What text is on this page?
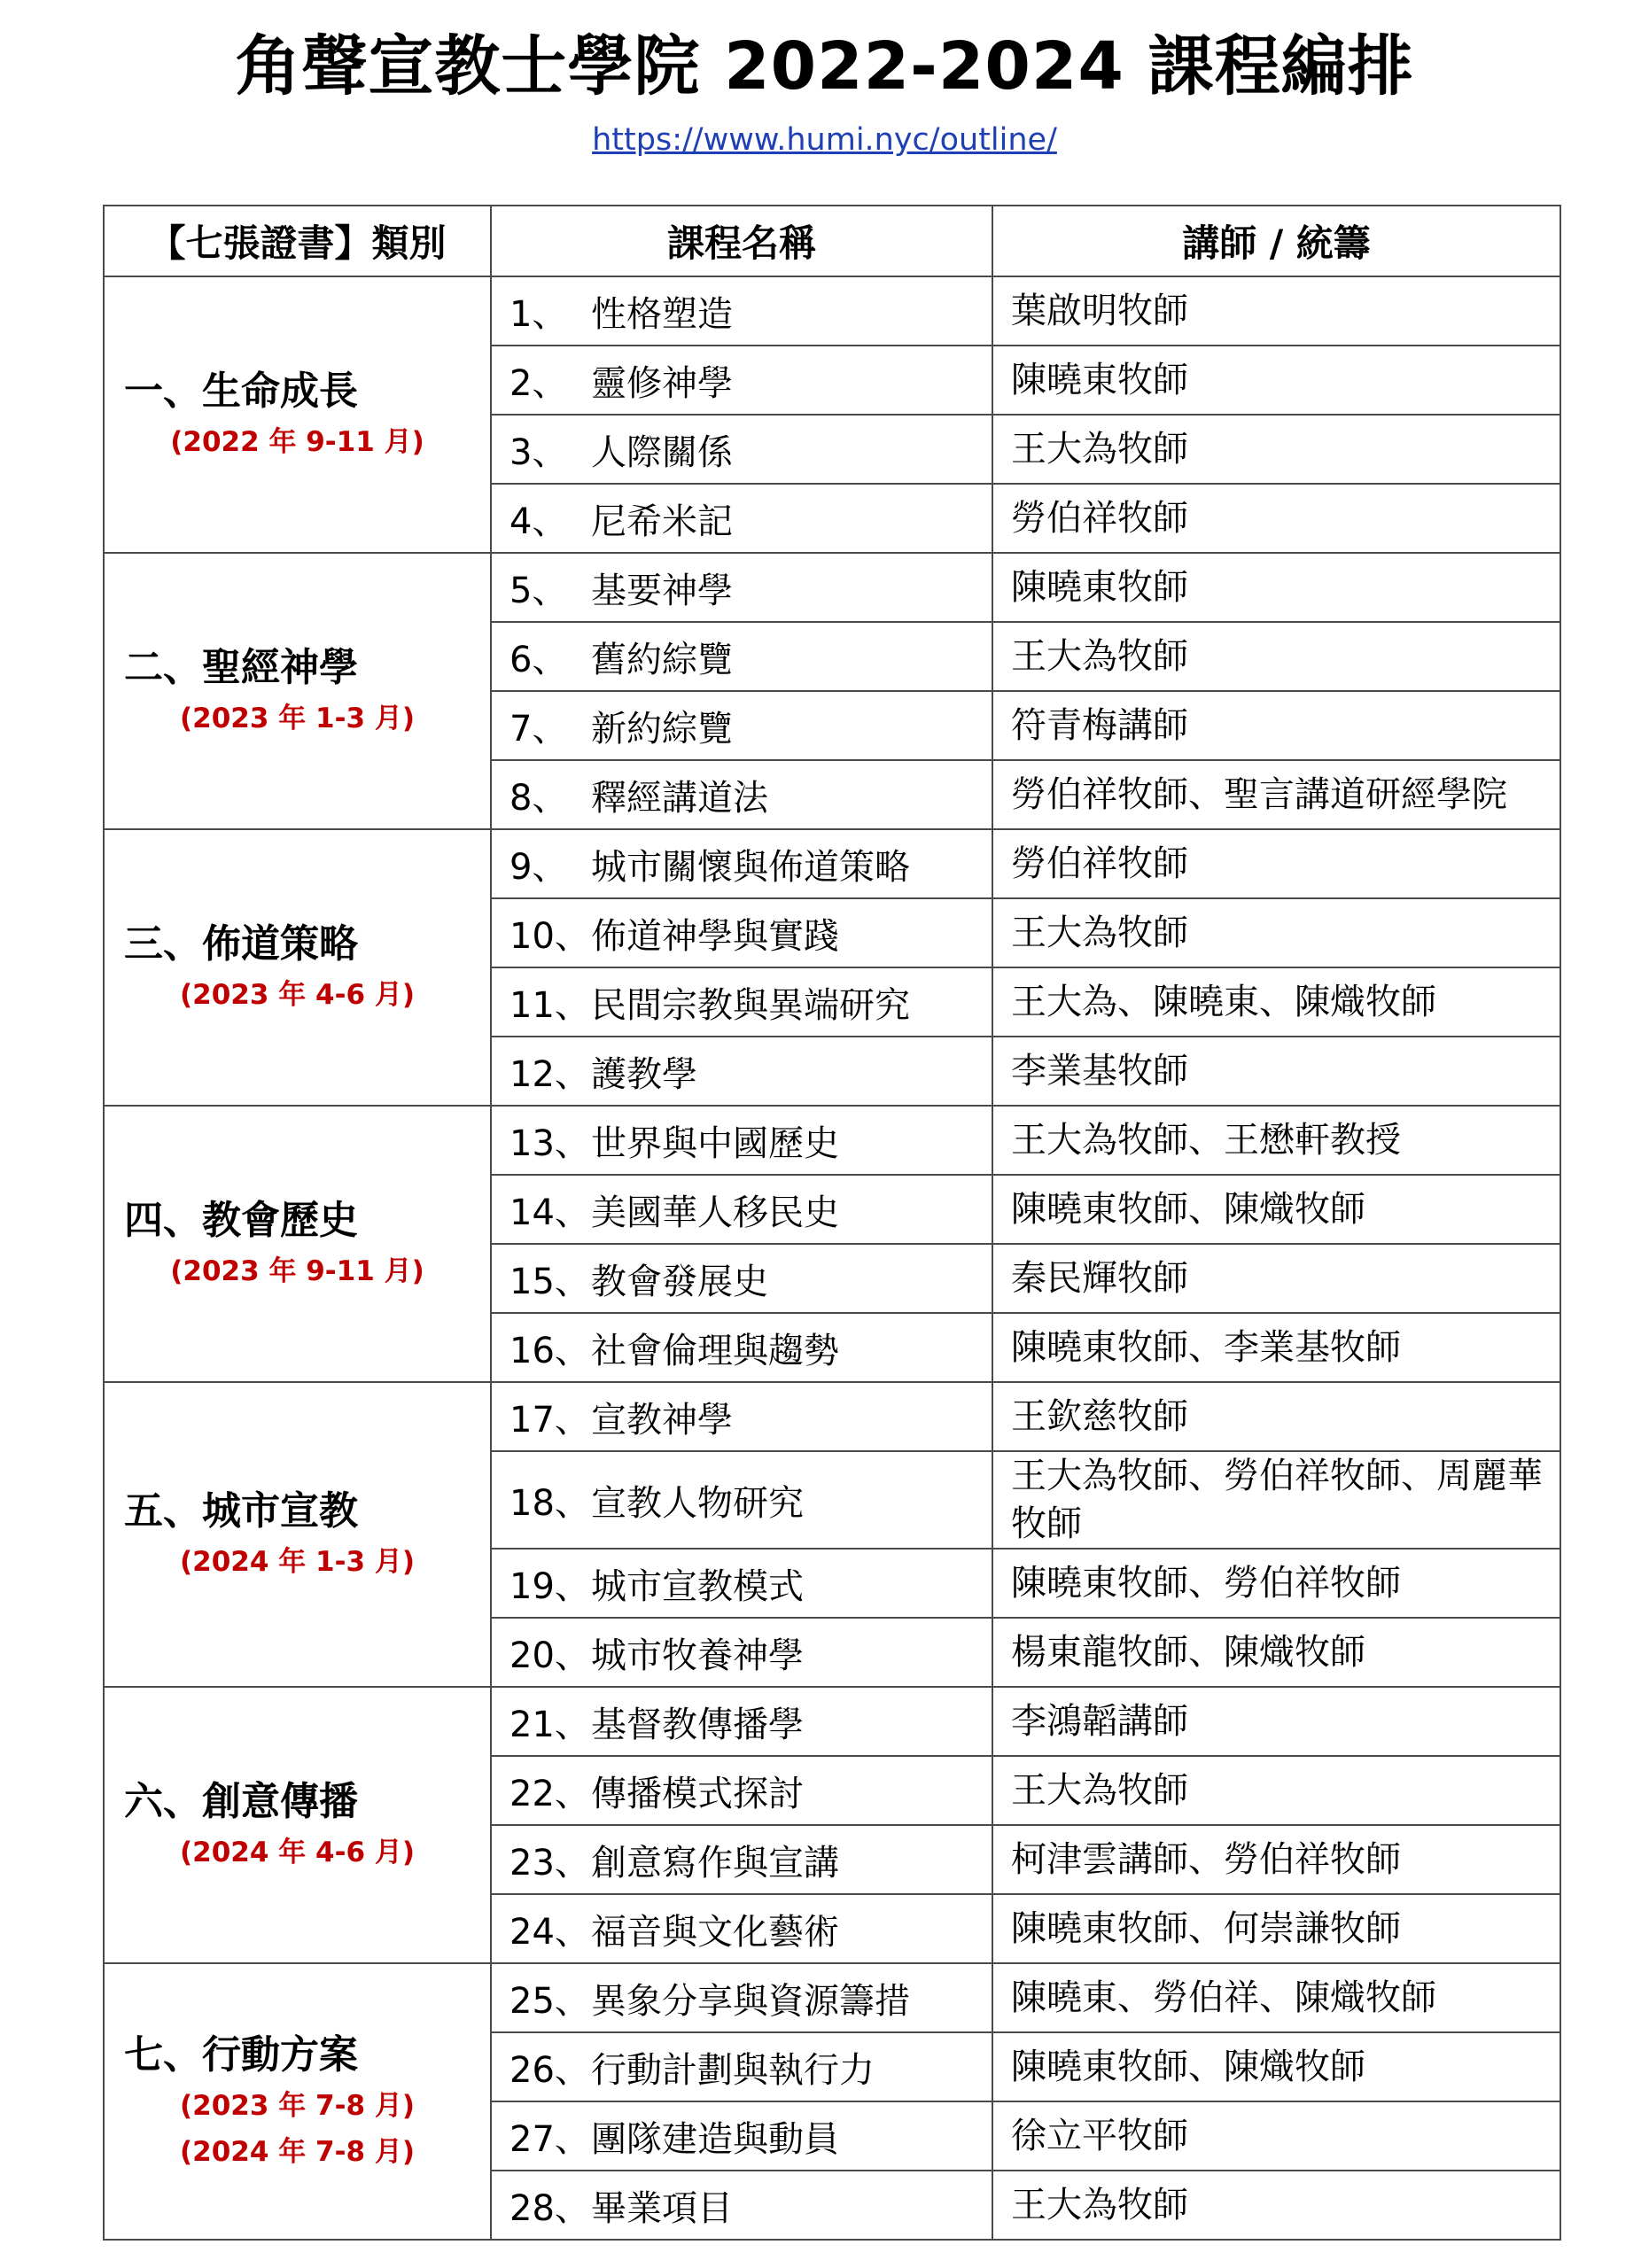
角聲宣教士學院 2022-2024 課程編排
https://www.humi.nyc/outline/
【七張證書】類別	課程名稱	講師 / 統籌

一、生命成長
(2022 年 9-11 月)	1、 性格塑造	葉啟明牧師
	2、 靈修神學	陳曉東牧師
	3、 人際關係	王大為牧師
	4、 尼希米記	勞伯祥牧師

二、聖經神學
(2023 年 1-3 月)	5、 基要神學	陳曉東牧師
	6、 舊約綜覽	王大為牧師
	7、 新約綜覽	符青梅講師
	8、 釋經講道法	勞伯祥牧師、聖言講道研經學院

三、佈道策略
(2023 年 4-6 月)	9、 城市關懷與佈道策略	勞伯祥牧師
	10、佈道神學與實踐	王大為牧師
	11、民間宗教與異端研究	王大為、陳曉東、陳熾牧師
	12、護教學	李業基牧師

四、教會歷史
(2023 年 9-11 月)	13、世界與中國歷史	王大為牧師、王懋軒教授
	14、美國華人移民史	陳曉東牧師、陳熾牧師
	15、教會發展史	秦民輝牧師
	16、社會倫理與趨勢	陳曉東牧師、李業基牧師

五、城市宣教
(2024 年 1-3 月)	17、宣教神學	王欽慈牧師
	18、宣教人物研究	王大為牧師、勞伯祥牧師、周麗華牧師
	19、城市宣教模式	陳曉東牧師、勞伯祥牧師
	20、城市牧養神學	楊東龍牧師、陳熾牧師

六、創意傳播
(2024 年 4-6 月)	21、基督教傳播學	李鴻韜講師
	22、傳播模式探討	王大為牧師
	23、創意寫作與宣講	柯津雲講師、勞伯祥牧師
	24、福音與文化藝術	陳曉東牧師、何崇謙牧師

七、行動方案
(2023 年 7-8 月)
(2024 年 7-8 月)	25、異象分享與資源籌措	陳曉東、勞伯祥、陳熾牧師
	26、行動計劃與執行力	陳曉東牧師、陳熾牧師
	27、團隊建造與動員	徐立平牧師
	28、畢業項目	王大為牧師
